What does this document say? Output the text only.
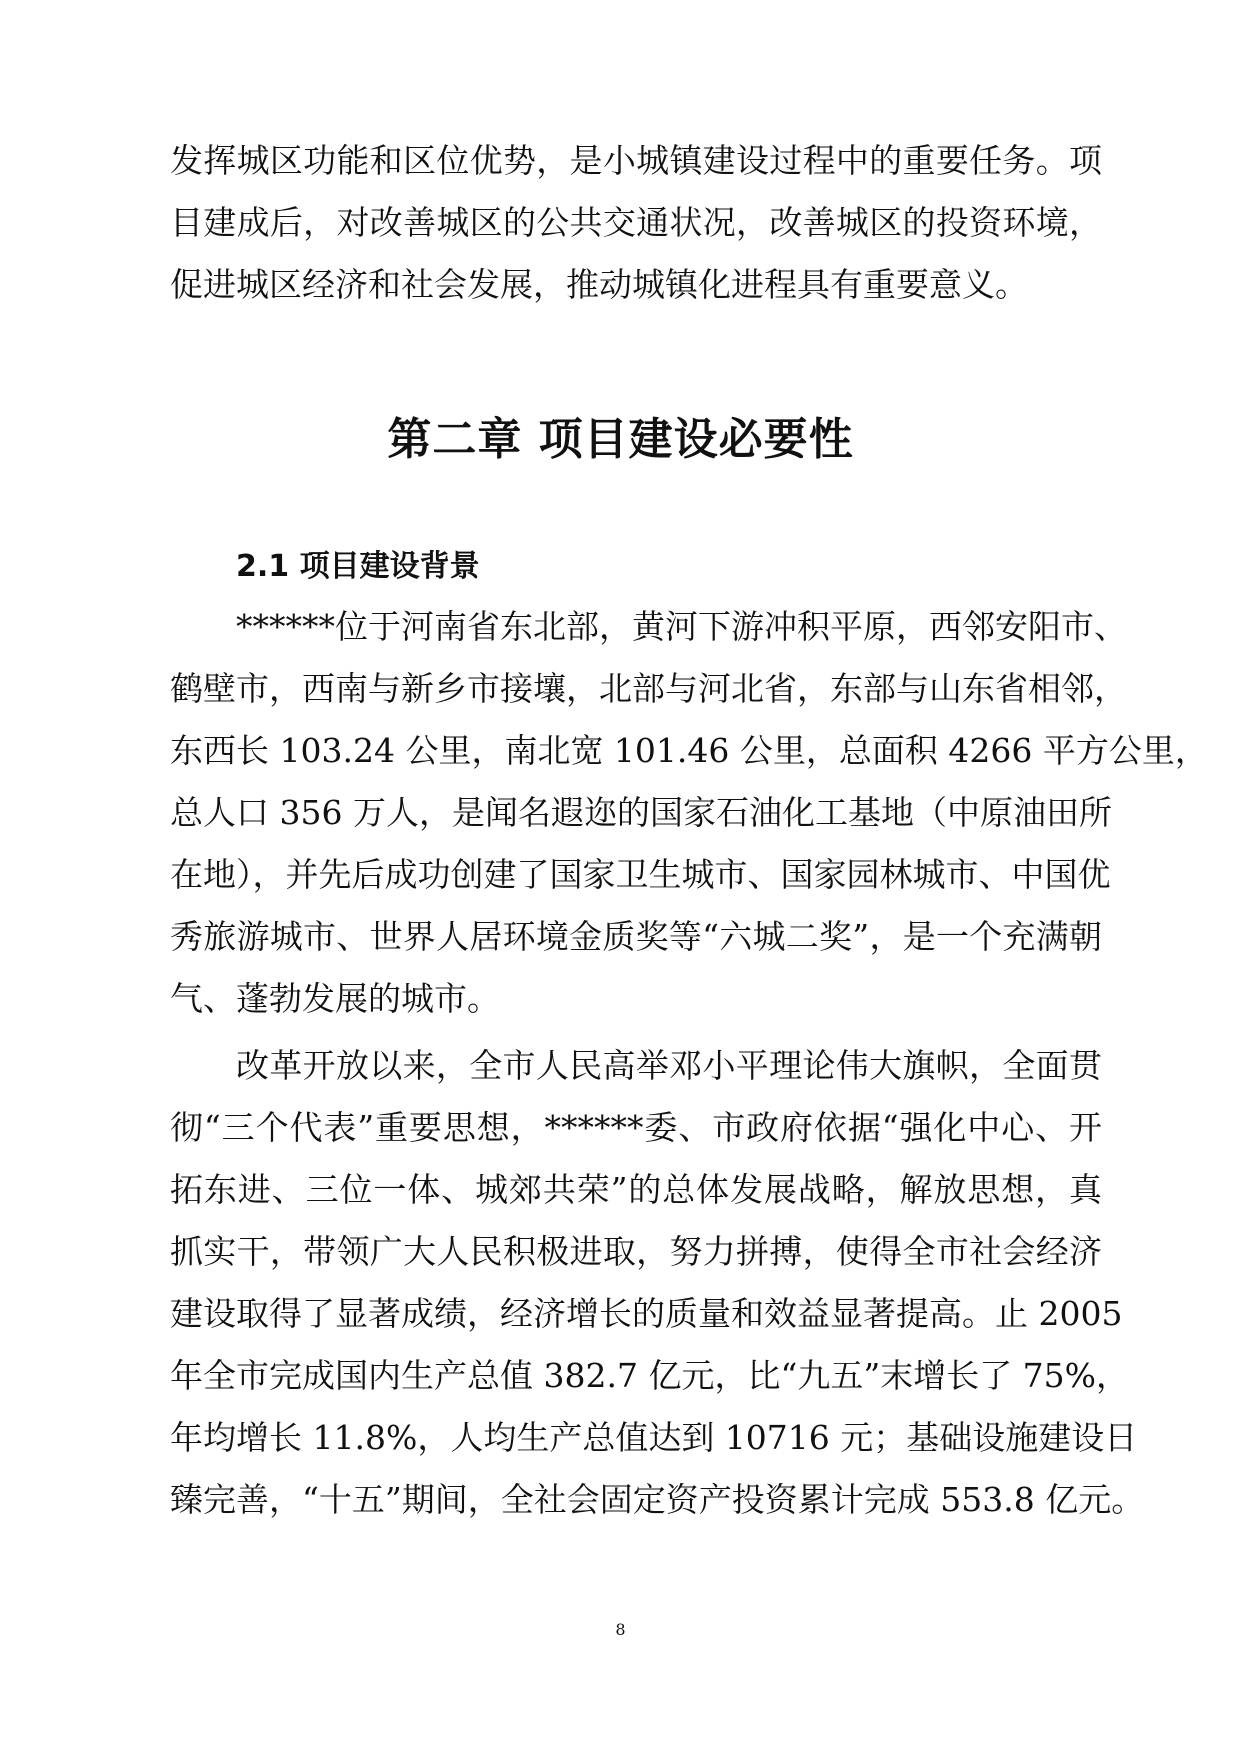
发挥城区功能和区位优势，是小城镇建设过程中的重要任务。项
目建成后，对改善城区的公共交通状况，改善城区的投资环境，
促进城区经济和社会发展，推动城镇化进程具有重要意义。
第二章 项目建设必要性
2.1 项目建设背景
******位于河南省东北部，黄河下游冲积平原，西邻安阳市、
鹤壁市，西南与新乡市接壤，北部与河北省，东部与山东省相邻，
东西长 103.24 公里，南北宽 101.46 公里，总面积 4266 平方公里，
总人口 356 万人，是闻名遐迩的国家石油化工基地（中原油田所
在地），并先后成功创建了国家卫生城市、国家园林城市、中国优
秀旅游城市、世界人居环境金质奖等“六城二奖”，是一个充满朝
气、蓬勃发展的城市。
改革开放以来，全市人民高举邓小平理论伟大旗帜，全面贯
彻“三个代表”重要思想，******委、市政府依据“强化中心、开
拓东进、三位一体、城郊共荣”的总体发展战略，解放思想，真
抓实干，带领广大人民积极进取，努力拼搏，使得全市社会经济
建设取得了显著成绩，经济增长的质量和效益显著提高。止 2005
年全市完成国内生产总值 382.7 亿元，比“九五”末增长了 75%，
年均增长 11.8%，人均生产总值达到 10716 元；基础设施建设日
臻完善，“十五”期间，全社会固定资产投资累计完成 553.8 亿元。
8
